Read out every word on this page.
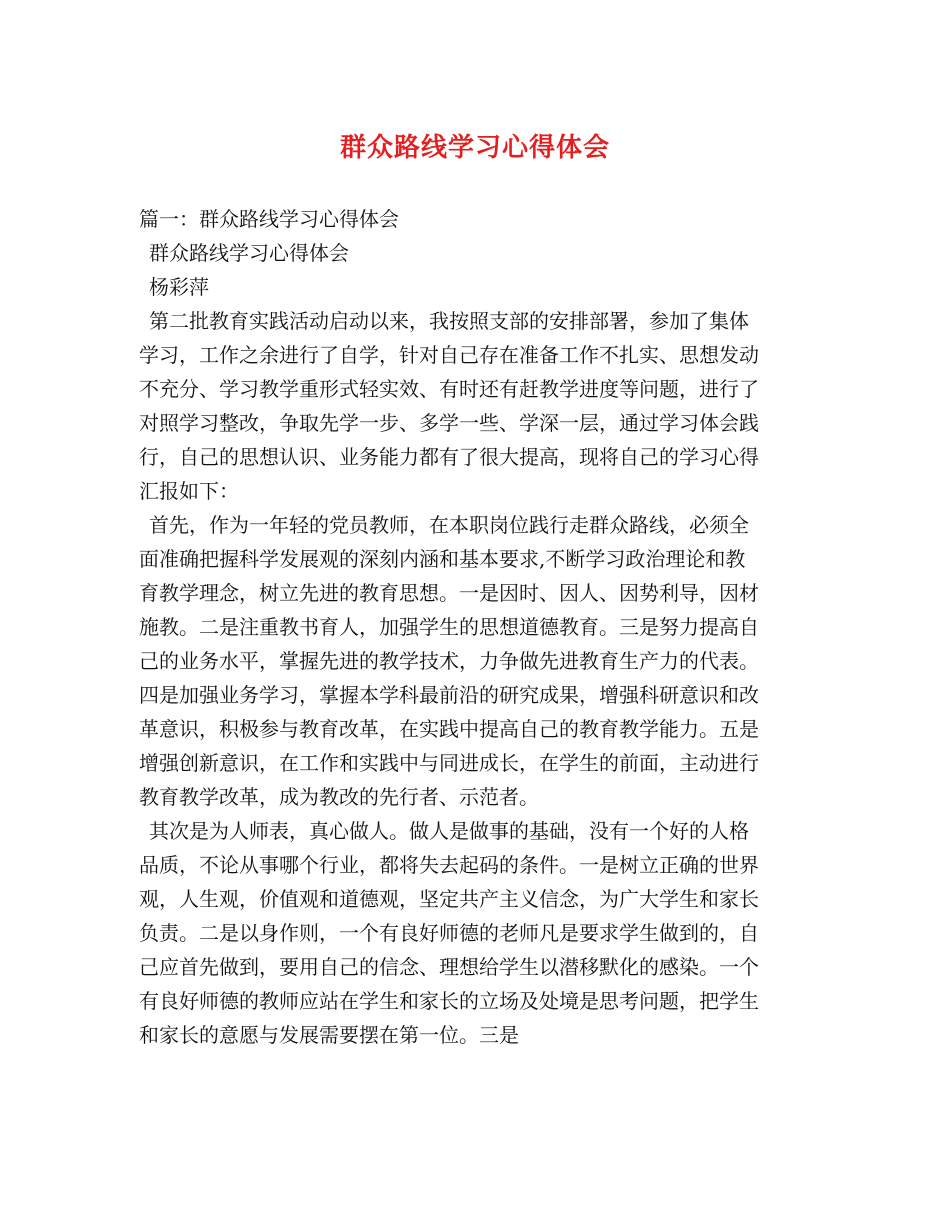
群众路线学习心得体会
篇一：群众路线学习心得体会
群众路线学习心得体会
杨彩萍
第二批教育实践活动启动以来，我按照支部的安排部署，参加了集体
学习，工作之余进行了自学，针对自己存在准备工作不扎实、思想发动
不充分、学习教学重形式轻实效、有时还有赶教学进度等问题，进行了
对照学习整改，争取先学一步、多学一些、学深一层，通过学习体会践
行，自己的思想认识、业务能力都有了很大提高，现将自己的学习心得
汇报如下：
首先，作为一年轻的党员教师，在本职岗位践行走群众路线，必须全
面准确把握科学发展观的深刻内涵和基本要求,不断学习政治理论和教
育教学理念，树立先进的教育思想。一是因时、因人、因势利导，因材
施教。二是注重教书育人，加强学生的思想道德教育。三是努力提高自
己的业务水平，掌握先进的教学技术，力争做先进教育生产力的代表。
四是加强业务学习，掌握本学科最前沿的研究成果，增强科研意识和改
革意识，积极参与教育改革，在实践中提高自己的教育教学能力。五是
增强创新意识，在工作和实践中与同进成长，在学生的前面，主动进行
教育教学改革，成为教改的先行者、示范者。
其次是为人师表，真心做人。做人是做事的基础，没有一个好的人格
品质，不论从事哪个行业，都将失去起码的条件。一是树立正确的世界
观，人生观，价值观和道德观，坚定共产主义信念，为广大学生和家长
负责。二是以身作则，一个有良好师德的老师凡是要求学生做到的，自
己应首先做到，要用自己的信念、理想给学生以潜移默化的感染。一个
有良好师德的教师应站在学生和家长的立场及处境是思考问题，把学生
和家长的意愿与发展需要摆在第一位。三是
